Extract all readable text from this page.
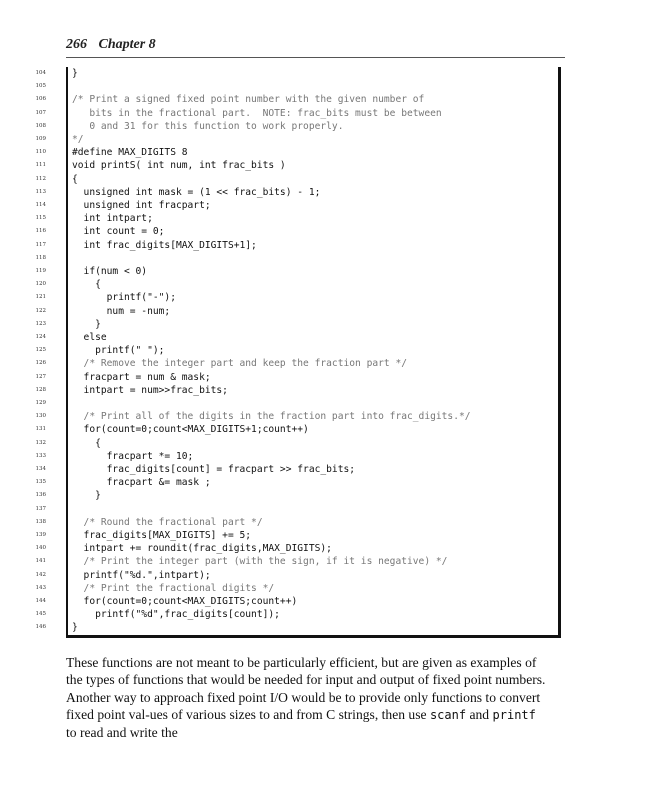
266 Chapter 8
104	}
105
106	/* Print a signed fixed point number with the given number of
107	bits in the fractional part.  NOTE: frac_bits must be between
108	0 and 31 for this function to work properly.
109	*/
110	#define MAX_DIGITS 8
111	void printS( int num, int frac_bits )
112	{
113	unsigned int mask = (1 << frac_bits) - 1;
114	unsigned int fracpart;
115	int intpart;
116	int count = 0;
117	int frac_digits[MAX_DIGITS+1];
118
119	if(num < 0)
120	{
121	printf("-");
122	num = -num;
123	}
124	else
125	printf(" ");
126	/* Remove the integer part and keep the fraction part */
127	fracpart = num & mask;
128	intpart = num>>frac_bits;
129
130	/* Print all of the digits in the fraction part into frac_digits.*/
131	for(count=0;count<MAX_DIGITS+1;count++)
132	{
133	fracpart *= 10;
134	frac_digits[count] = fracpart >> frac_bits;
135	fracpart &= mask ;
136	}
137
138	/* Round the fractional part */
139	frac_digits[MAX_DIGITS] += 5;
140	intpart += roundit(frac_digits,MAX_DIGITS);
141	/* Print the integer part (with the sign, if it is negative) */
142	printf("%d.",intpart);
143	/* Print the fractional digits */
144	for(count=0;count<MAX_DIGITS;count++)
145	printf("%d",frac_digits[count]);
146	}
These functions are not meant to be particularly efficient, but are given as examples of the types of functions that would be needed for input and output of fixed point numbers. Another way to approach fixed point I/O would be to provide only functions to convert fixed point val-ues of various sizes to and from C strings, then use scanf and printf to read and write the
